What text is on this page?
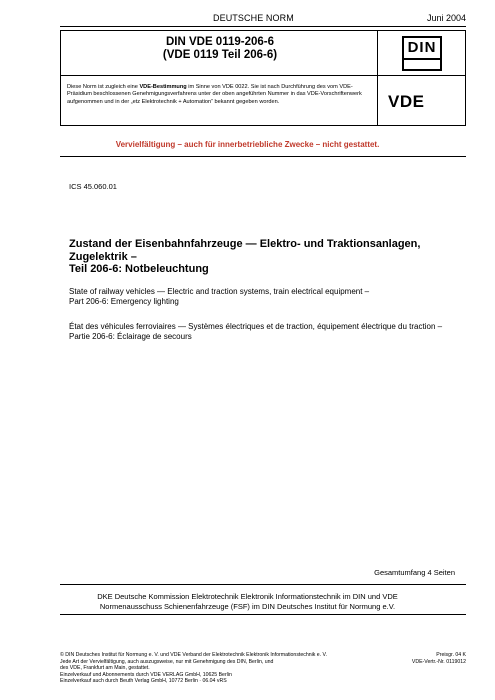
DEUTSCHE NORM	Juni 2004
DIN VDE 0119-206-6
(VDE 0119 Teil 206-6)	DIN
Diese Norm ist zugleich eine VDE-Bestimmung im Sinne von VDE 0022. Sie ist nach Durchführung des vom VDE-Präsidium beschlossenen Genehmigungsverfahrens unter der oben angeführten Nummer in das VDE-Vorschriftenwerk aufgenommen und in der „etz Elektrotechnik + Automation“ bekannt gegeben worden.	VDE
Vervielfältigung – auch für innerbetriebliche Zwecke – nicht gestattet.
ICS 45.060.01
Zustand der Eisenbahnfahrzeuge — Elektro- und Traktionsanlagen, Zugelektrik –
Teil 206-6: Notbeleuchtung
State of railway vehicles — Electric and traction systems, train electrical equipment –
Part 206-6: Emergency lighting
État des véhicules ferroviaires — Systèmes électriques et de traction, équipement électrique du traction – Partie 206-6: Éclairage de secours
Gesamtumfang 4 Seiten
DKE Deutsche Kommission Elektrotechnik Elektronik Informationstechnik im DIN und VDE
Normenausschuss Schienenfahrzeuge (FSF) im DIN Deutsches Institut für Normung e.V.
© DIN Deutsches Institut für Normung e. V. und VDE Verband der Elektrotechnik Elektronik Informationstechnik e. V.
Jede Art der Vervielfältigung, auch auszugsweise, nur mit Genehmigung des DIN, Berlin, und
des VDE, Frankfurt am Main, gestattet.
Einzelverkauf und Abonnements durch VDE VERLAG GmbH, 10625 Berlin
Einzelverkauf auch durch Beuth Verlag GmbH, 10772 Berlin · 06.04 vRS
Preisgr. 04 K
VDE-Vertr.-Nr. 0119012
